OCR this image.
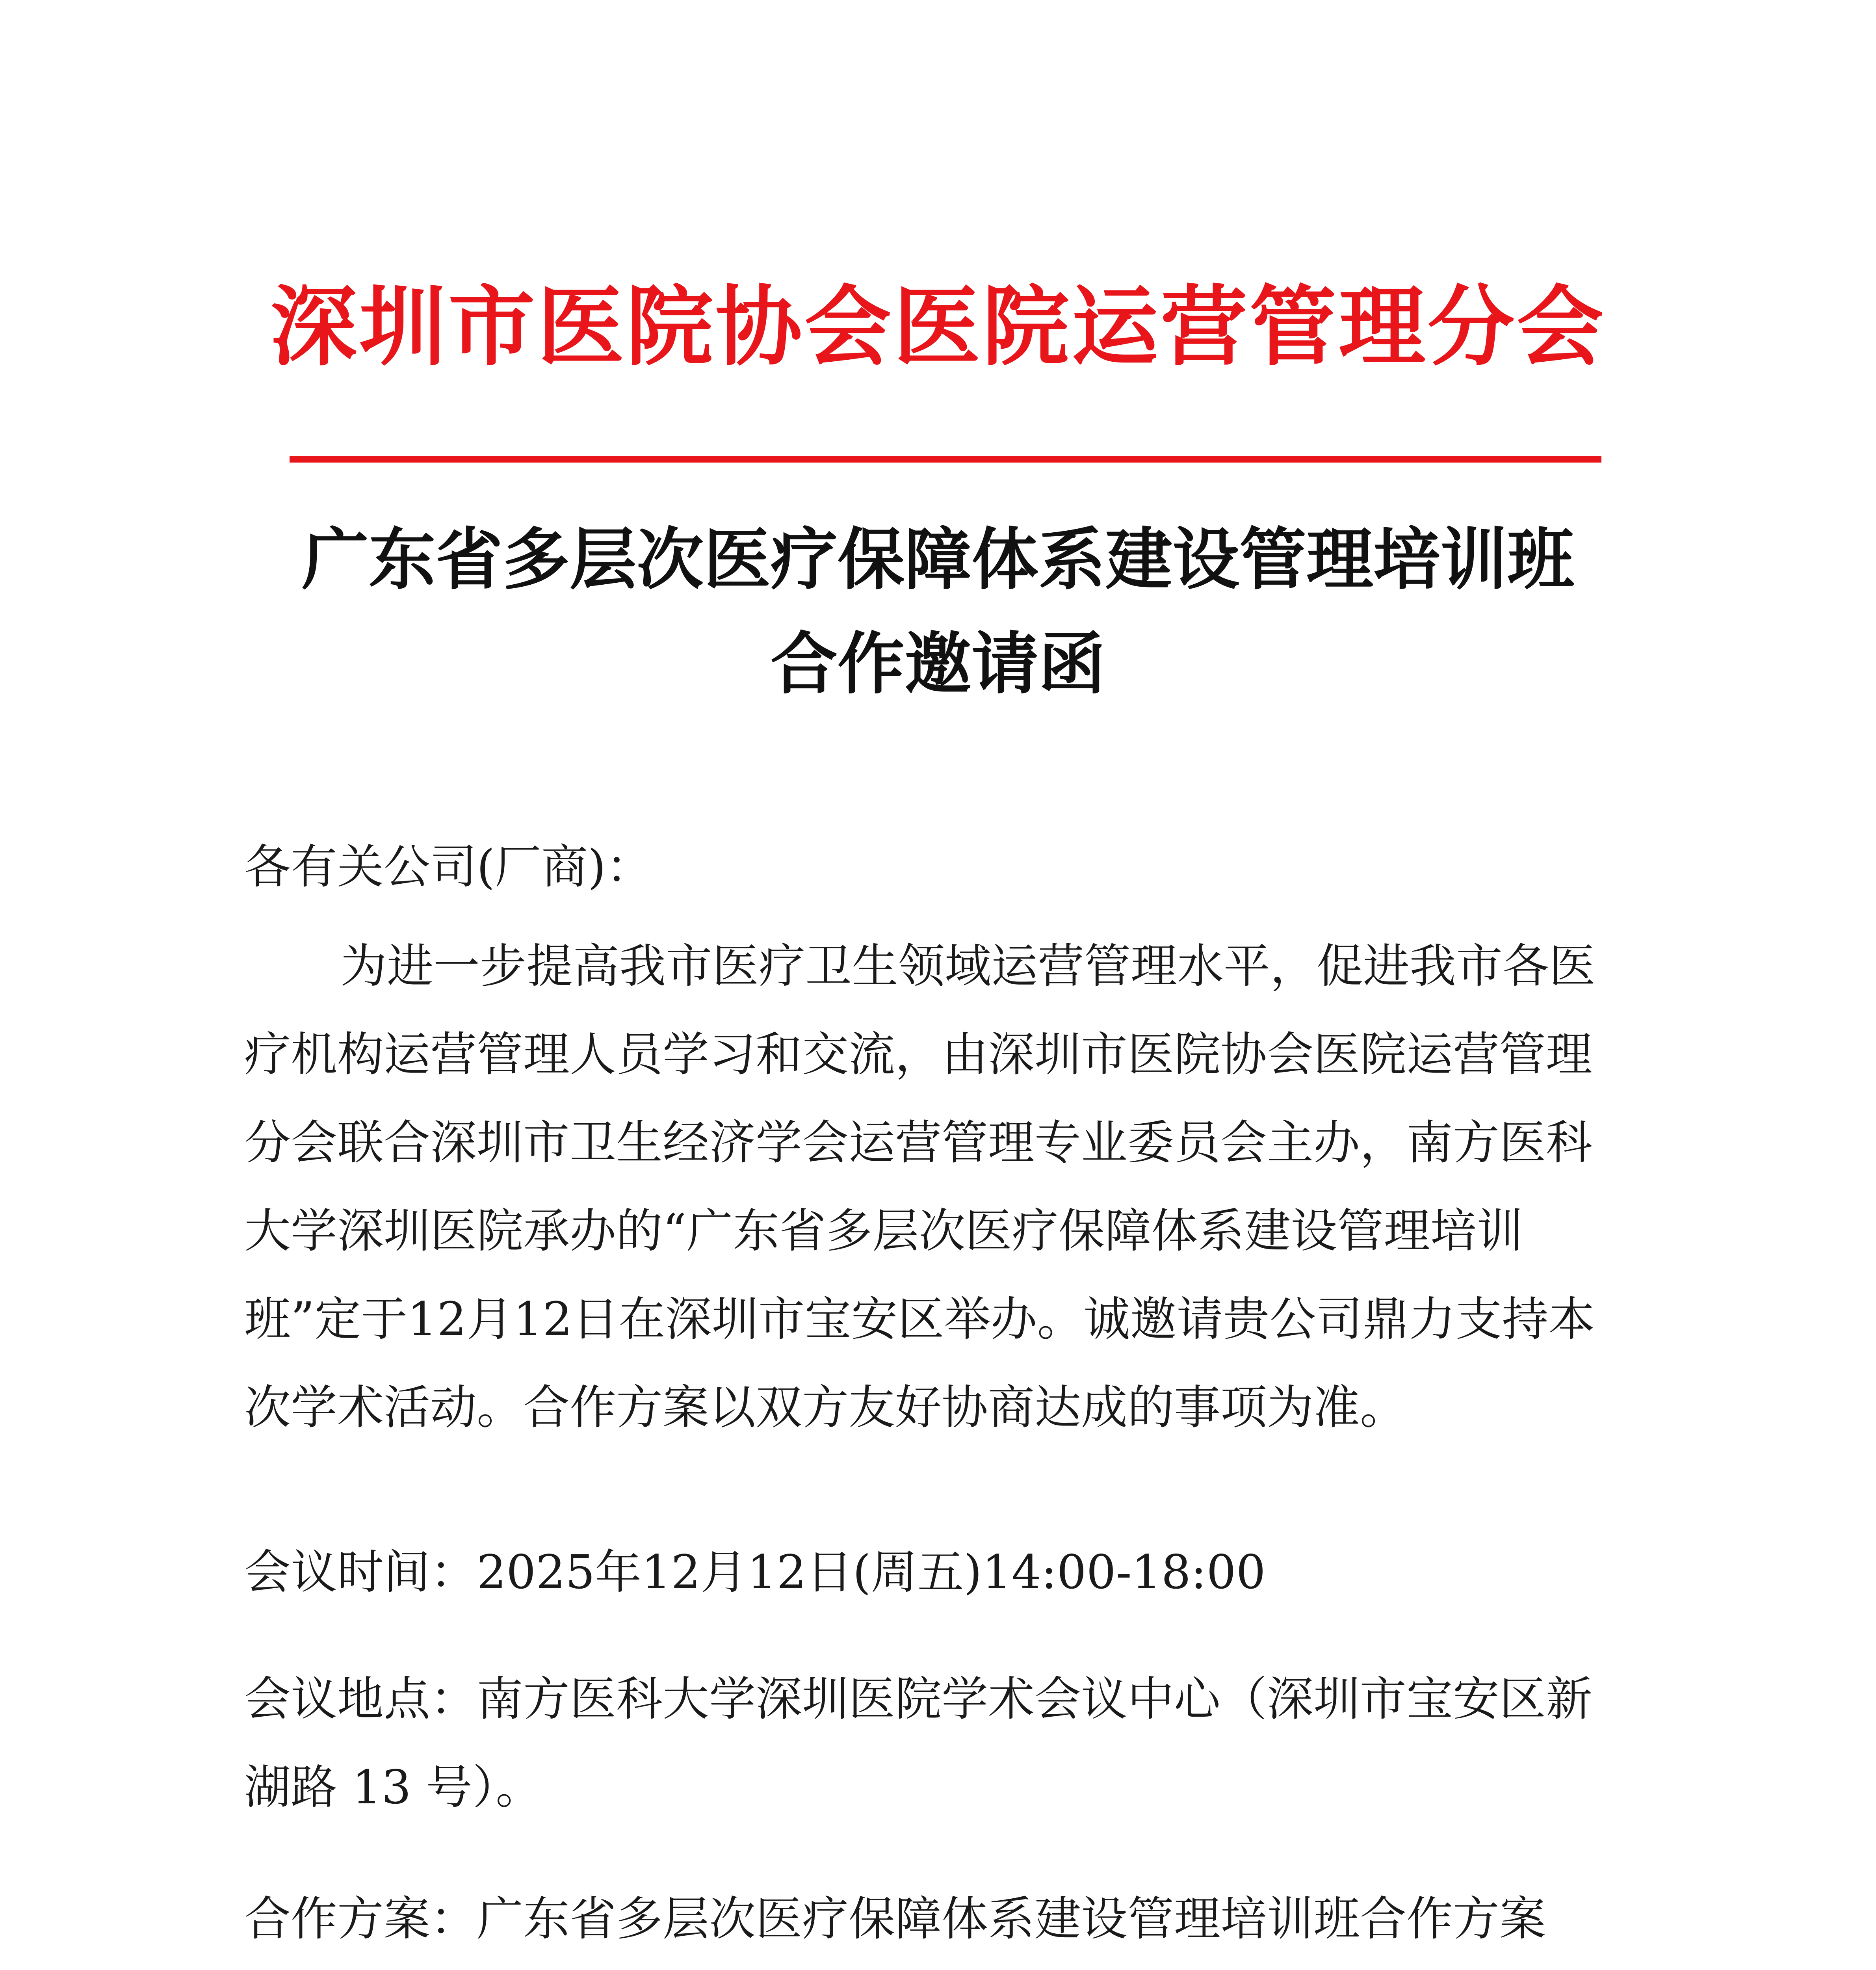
深圳市医院协会医院运营管理分会
广东省多层次医疗保障体系建设管理培训班
合作邀请函
各有关公司(厂商)：
为进一步提高我市医疗卫生领域运营管理水平，促进我市各医
疗机构运营管理人员学习和交流，由深圳市医院协会医院运营管理
分会联合深圳市卫生经济学会运营管理专业委员会主办，南方医科
大学深圳医院承办的“广东省多层次医疗保障体系建设管理培训
班”定于12月12日在深圳市宝安区举办。诚邀请贵公司鼎力支持本
次学术活动。合作方案以双方友好协商达成的事项为准。
会议时间：2025年12月12日(周五)14:00-18:00
会议地点：南方医科大学深圳医院学术会议中心（深圳市宝安区新
湖路 13 号）。
合作方案：广东省多层次医疗保障体系建设管理培训班合作方案
